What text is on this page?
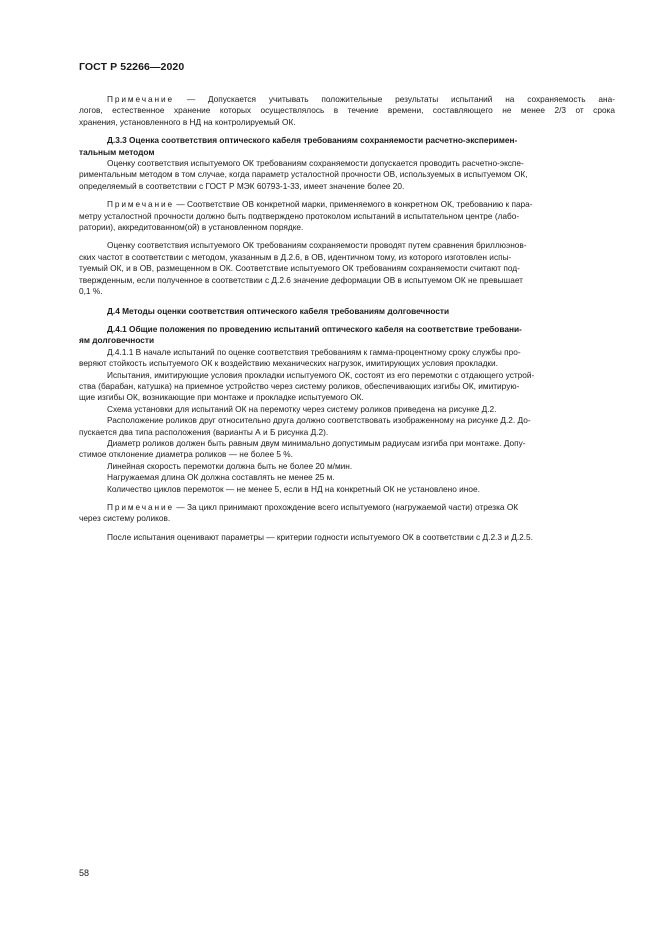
ГОСТ Р 52266—2020

Примечание — Допускается учитывать положительные результаты испытаний на сохраняемость ана-

логов, естественное хранение которых осуществлялось в течение времени, составляющего не менее 2/3 от срока

хранения, установленного в НД на контролируемый ОК.

Д.3.3 Оценка соответствия оптического кабеля требованиям сохраняемости расчетно-эксперимен-

тальным методом

Оценку соответствия испытуемого ОК требованиям сохраняемости допускается проводить расчетно-экспе-

риментальным методом в том случае, когда параметр усталостной прочности ОВ, используемых в испытуемом ОК,

определяемый в соответствии с ГОСТ Р МЭК 60793-1-33, имеет значение более 20.

Примечание — Соответствие ОВ конкретной марки, применяемого в конкретном ОК, требованию к пара-

метру усталостной прочности должно быть подтверждено протоколом испытаний в испытательном центре (лабо-

ратории), аккредитованном(ой) в установленном порядке.

Оценку соответствия испытуемого ОК требованиям сохраняемости проводят путем сравнения бриллюэнов-

ских частот в соответствии с методом, указанным в Д.2.6, в ОВ, идентичном тому, из которого изготовлен испы-

туемый ОК, и в ОВ, размещенном в ОК. Соответствие испытуемого ОК требованиям сохраняемости считают под-

твержденным, если полученное в соответствии с Д.2.6 значение деформации ОВ в испытуемом ОК не превышает

0,1 %.

Д.4 Методы оценки соответствия оптического кабеля требованиям долговечности

Д.4.1 Общие положения по проведению испытаний оптического кабеля на соответствие требовани-

ям долговечности

Д.4.1.1 В начале испытаний по оценке соответствия требованиям к гамма-процентному сроку службы про-

веряют стойкость испытуемого ОК к воздействию механических нагрузок, имитирующих условия прокладки.

Испытания, имитирующие условия прокладки испытуемого ОК, состоят из его перемотки с отдающего устрой-

ства (барабан, катушка) на приемное устройство через систему роликов, обеспечивающих изгибы ОК, имитирую-

щие изгибы ОК, возникающие при монтаже и прокладке испытуемого ОК.

Схема установки для испытаний ОК на перемотку через систему роликов приведена на рисунке Д.2.

Расположение роликов друг относительно друга должно соответствовать изображенному на рисунке Д.2. До-

пускается два типа расположения (варианты А и Б рисунка Д.2).

Диаметр роликов должен быть равным двум минимально допустимым радиусам изгиба при монтаже. Допу-

стимое отклонение диаметра роликов — не более 5 %.

Линейная скорость перемотки должна быть не более 20 м/мин.

Нагружаемая длина ОК должна составлять не менее 25 м.

Количество циклов перемоток — не менее 5, если в НД на конкретный ОК не установлено иное.

Примечание — За цикл принимают прохождение всего испытуемого (нагружаемой части) отрезка ОК

через систему роликов.

После испытания оценивают параметры — критерии годности испытуемого ОК в соответствии с Д.2.3 и Д.2.5.

58
